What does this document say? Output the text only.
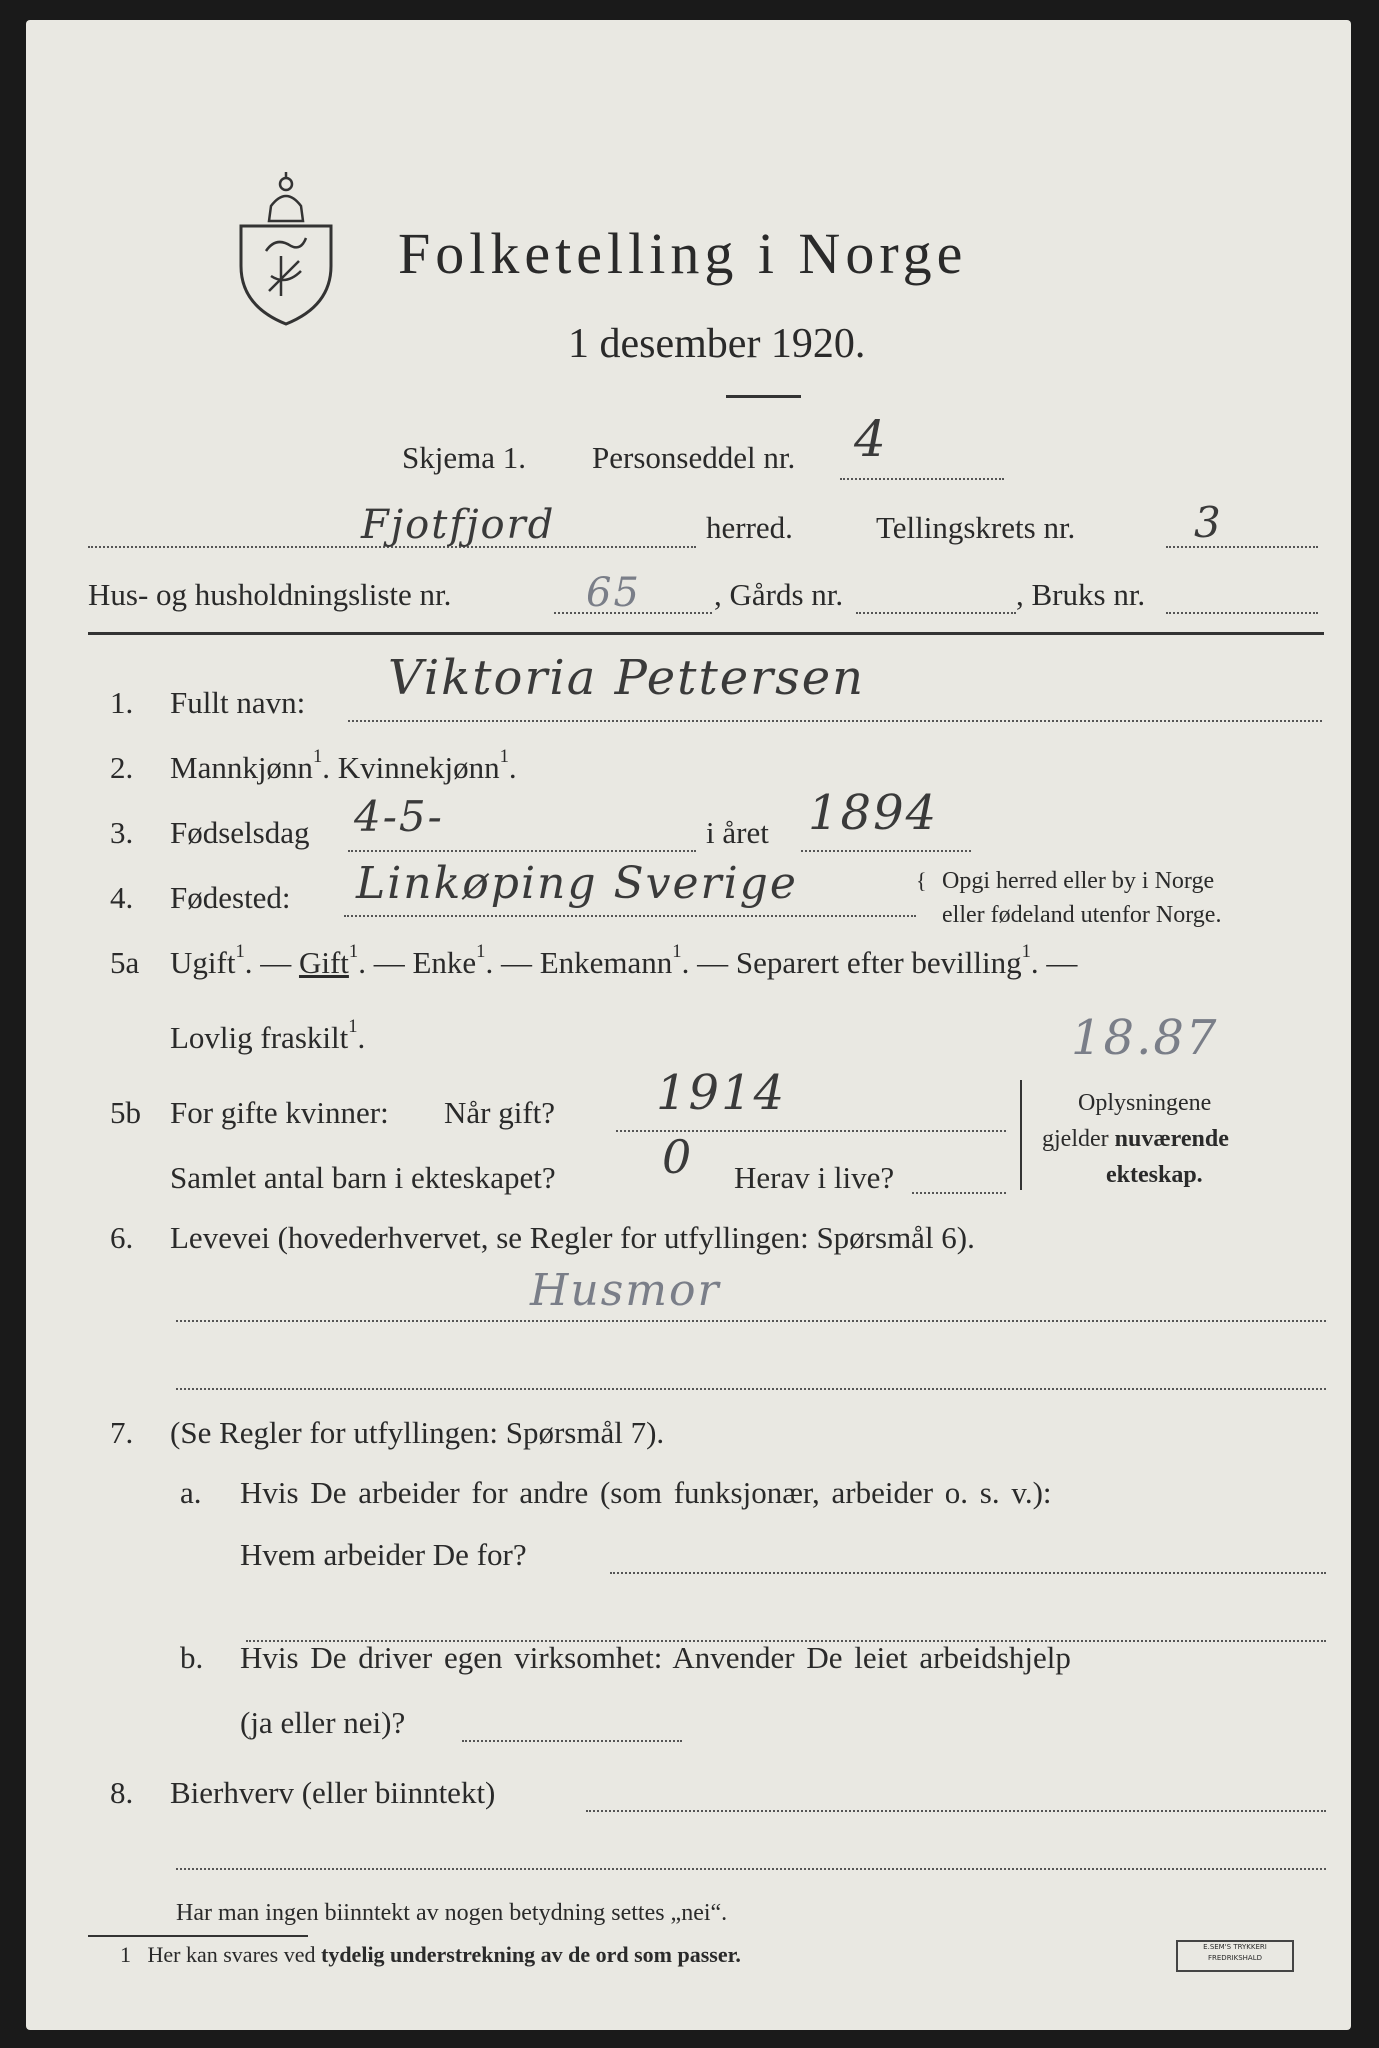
Folketelling i Norge
1 desember 1920.
Skjema 1. Personseddel nr. 4
Fjotfjord	herred.	Tellingskrets nr.	3
Hus- og husholdningsliste nr.	65 , Gårds nr.	, Bruks nr.
1. Fullt navn: Viktoria Pettersen
2. Mannkjønn$^1$. Kvinnekjønn$^1$.
3. Fødselsdag 4-5-	i året 1894
4. Fødested: Linkøping Sverige	{ Opgi herred eller by i Norge
eller fødeland utenfor Norge.
5a Ugift$^1$. — Gift$^1$. — Enke$^1$. — Enkemann$^1$. — Separert efter bevilling$^1$. —
Lovlig fraskilt$^1$.	18.87
5b For gifte kvinner: Når gift? 1914
Samlet antal barn i ekteskapet? 0 Herav i live?
Oplysningene
gjelder nuværende
ekteskap.
6. Levevei (hovederhvervet, se Regler for utfyllingen: Spørsmål 6).
Husmor
7. (Se Regler for utfyllingen: Spørsmål 7).
a. Hvis De arbeider for andre (som funksjonær, arbeider o. s. v.):
Hvem arbeider De for?
b. Hvis De driver egen virksomhet: Anvender De leiet arbeidshjelp
(ja eller nei)?
8. Bierhverv (eller biinntekt)
Har man ingen biinntekt av nogen betydning settes „nei“.
1 Her kan svares ved tydelig understrekning av de ord som passer.	E.SEM'S TRYKKERI
FREDRIKSHALD
